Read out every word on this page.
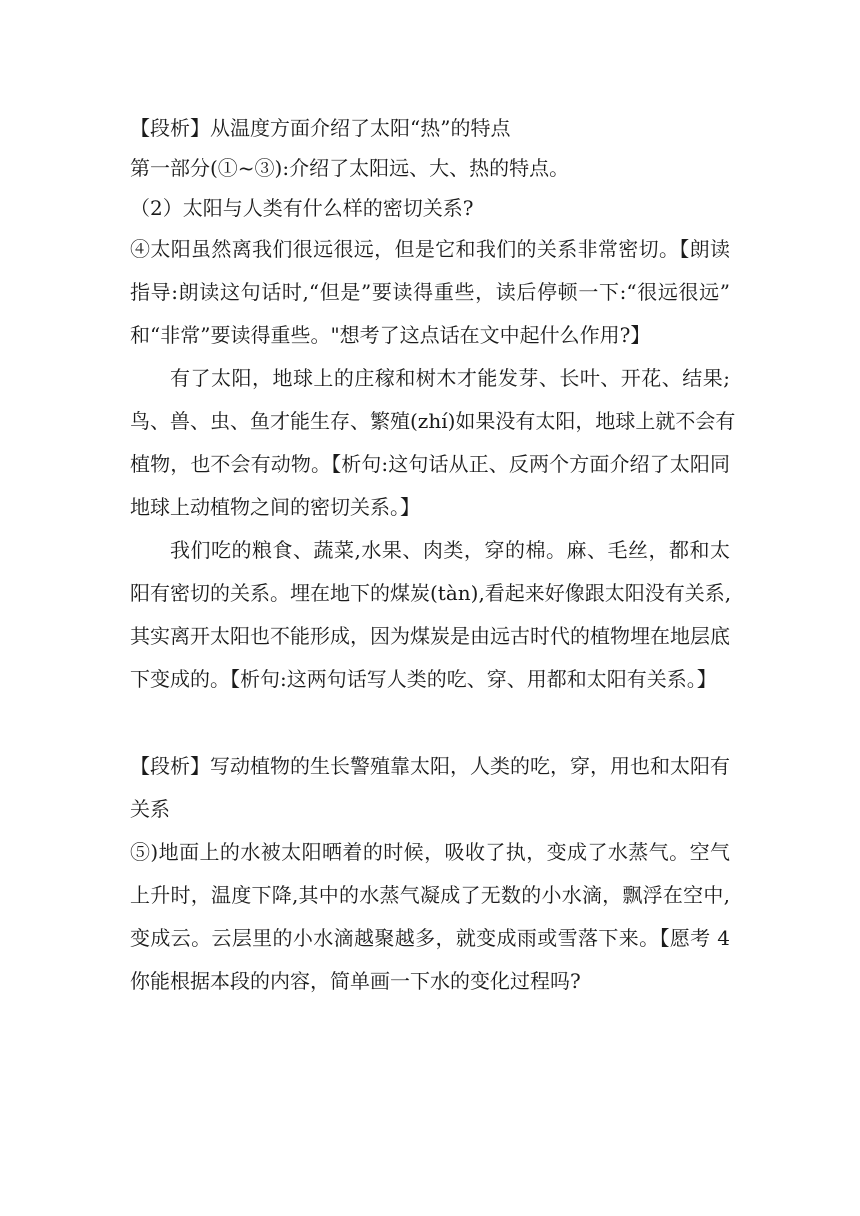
【段析】从温度方面介绍了太阳“热”的特点
第一部分(①~③):介绍了太阳远、大、热的特点。
（2）太阳与人类有什么样的密切关系?
④太阳虽然离我们很远很远，但是它和我们的关系非常密切。【朗读
指导:朗读这句话时,“但是”要读得重些，读后停顿一下:“很远很远”
和“非常”要读得重些。"想考了这点话在文中起什么作用?】
有了太阳，地球上的庄稼和树木才能发芽、长叶、开花、结果;
鸟、兽、虫、鱼才能生存、繁殖(zhí)如果没有太阳，地球上就不会有
植物，也不会有动物。【析句:这句话从正、反两个方面介绍了太阳同
地球上动植物之间的密切关系。】
我们吃的粮食、蔬菜,水果、肉类，穿的棉。麻、毛丝，都和太
阳有密切的关系。埋在地下的煤炭(tàn),看起来好像跟太阳没有关系,
其实离开太阳也不能形成，因为煤炭是由远古时代的植物埋在地层底
下变成的。【析句:这两句话写人类的吃、穿、用都和太阳有关系。】
【段析】写动植物的生长警殖靠太阳，人类的吃，穿，用也和太阳有
关系
⑤)地面上的水被太阳晒着的时候，吸收了执，变成了水蒸气。空气
上升时，温度下降,其中的水蒸气凝成了无数的小水滴，飘浮在空中,
变成云。云层里的小水滴越聚越多，就变成雨或雪落下来。【愿考 4
你能根据本段的内容，简单画一下水的变化过程吗?
